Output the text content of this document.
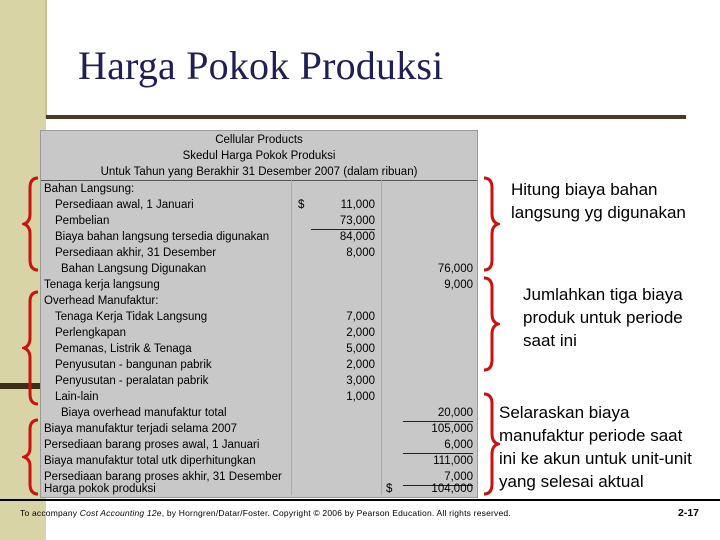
Harga Pokok Produksi
Cellular Products
Skedul Harga Pokok Produksi
Untuk Tahun yang Berakhir 31 Desember 2007 (dalam ribuan)
Bahan Langsung:
Persediaan awal, 1 Januari	$	11,000
Pembelian	73,000
Biaya bahan langsung tersedia digunakan	84,000
Persediaan akhir, 31 Desember	8,000
Bahan Langsung Digunakan	76,000
Tenaga kerja langsung	9,000
Overhead Manufaktur:
Tenaga Kerja Tidak Langsung	7,000
Perlengkapan	2,000
Pemanas, Listrik & Tenaga	5,000
Penyusutan - bangunan pabrik	2,000
Penyusutan - peralatan pabrik	3,000
Lain-lain	1,000
Biaya overhead manufaktur total	20,000
Biaya manufaktur terjadi selama 2007	105,000
Persediaan barang proses awal, 1 Januari	6,000
Biaya manufaktur total utk diperhitungkan	111,000
Persediaan barang proses akhir, 31 Desember	7,000
Harga pokok produksi	$	104,000
Hitung biaya bahan
langsung yg digunakan
Jumlahkan tiga biaya
produk untuk periode
saat ini
Selaraskan biaya
manufaktur periode saat
ini ke akun untuk unit-unit
yang selesai aktual
To accompany Cost Accounting 12e, by Horngren/Datar/Foster. Copyright © 2006 by Pearson Education. All rights reserved.	2-17
